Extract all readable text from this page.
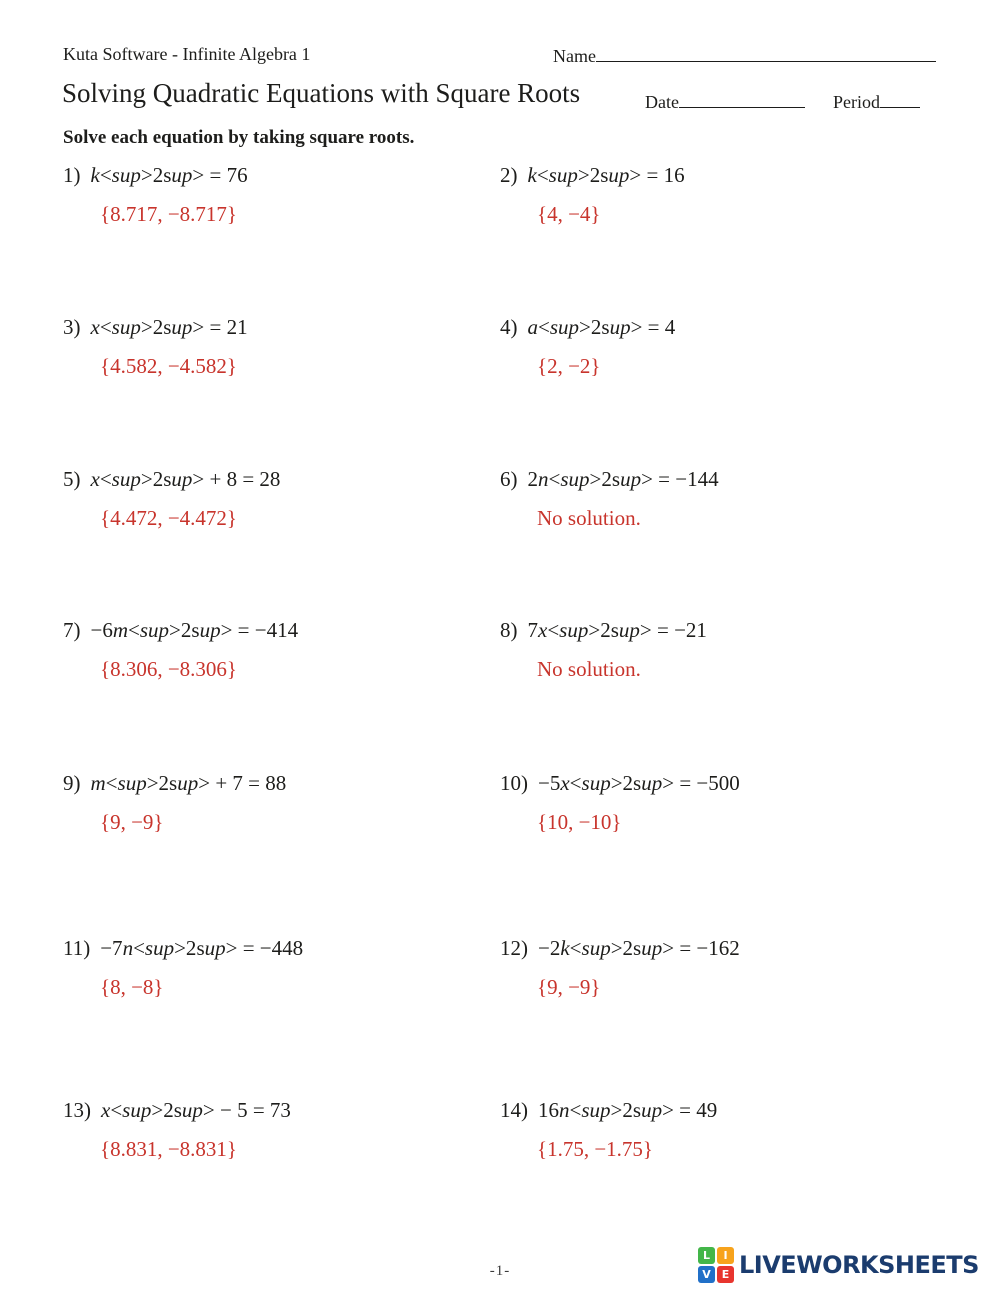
Kuta Software - Infinite Algebra 1	Name
Solving Quadratic Equations with Square Roots	Date	Period
Solve each equation by taking square roots.
1) k<sup>2sup> = 76
{8.717, −8.717}
2) k<sup>2sup> = 16
{4, −4}
3) x<sup>2sup> = 21
{4.582, −4.582}
4) a<sup>2sup> = 4
{2, −2}
5) x<sup>2sup> + 8 = 28
{4.472, −4.472}
6) 2n<sup>2sup> = −144
No solution.
7) −6m<sup>2sup> = −414
{8.306, −8.306}
8) 7x<sup>2sup> = −21
No solution.
9) m<sup>2sup> + 7 = 88
{9, −9}
10) −5x<sup>2sup> = −500
{10, −10}
11) −7n<sup>2sup> = −448
{8, −8}
12) −2k<sup>2sup> = −162
{9, −9}
13) x<sup>2sup> − 5 = 73
{8.831, −8.831}
14) 16n<sup>2sup> = 49
{1.75, −1.75}
-1-
L	I
V E LIVEWORKSHEETS
